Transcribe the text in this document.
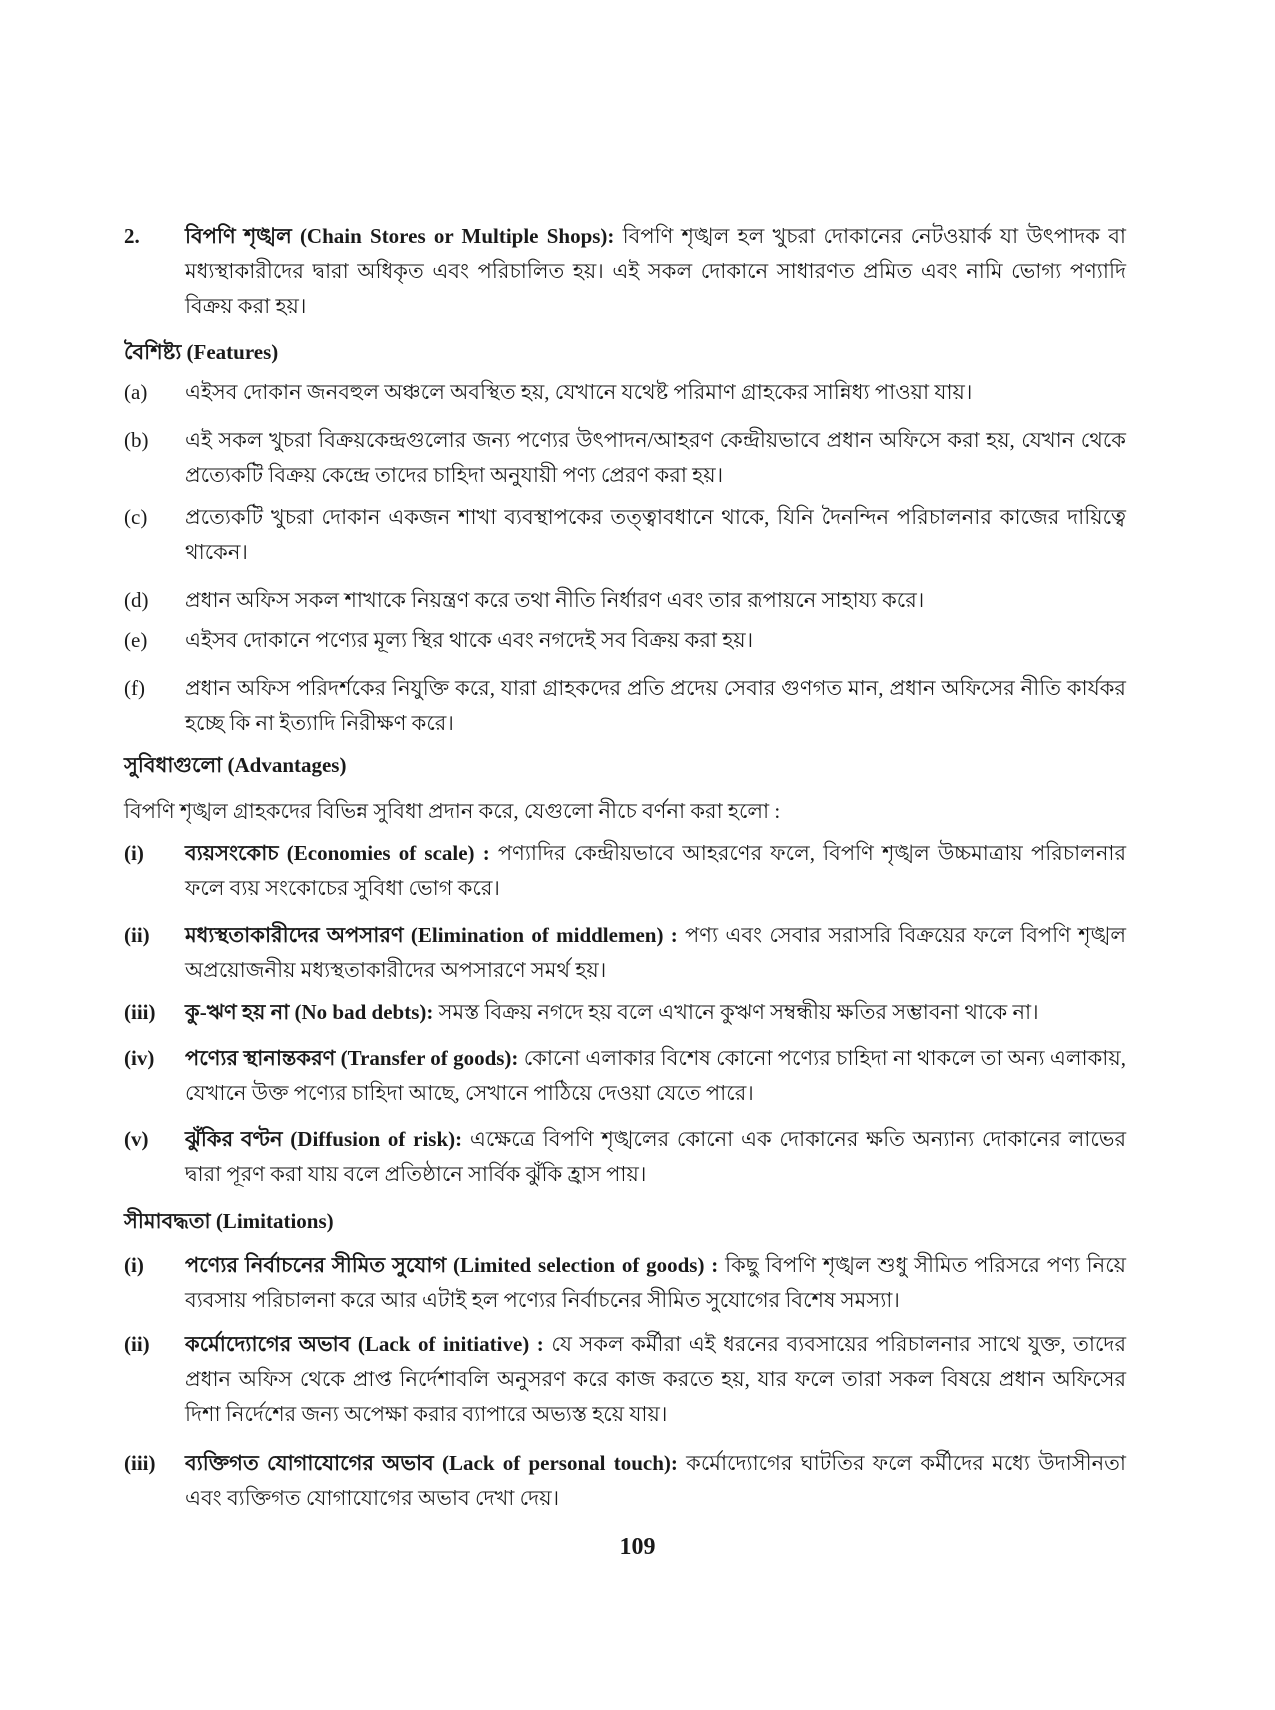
2.	বিপণি শৃঙ্খল (Chain Stores or Multiple Shops): বিপণি শৃঙ্খল হল খুচরা দোকানের নেটওয়ার্ক যা উৎপাদক বা মধ্যস্থাকারীদের দ্বারা অধিকৃত এবং পরিচালিত হয়। এই সকল দোকানে সাধারণত প্রমিত এবং নামি ভোগ্য পণ্যাদি বিক্রয় করা হয়।
বৈশিষ্ট্য (Features)
(a)	এইসব দোকান জনবহুল অঞ্চলে অবস্থিত হয়, যেখানে যথেষ্ট পরিমাণ গ্রাহকের সান্নিধ্য পাওয়া যায়।
(b)	এই সকল খুচরা বিক্রয়কেন্দ্রগুলোর জন্য পণ্যের উৎপাদন/আহরণ কেন্দ্রীয়ভাবে প্রধান অফিসে করা হয়, যেখান থেকে প্রত্যেকটি বিক্রয় কেন্দ্রে তাদের চাহিদা অনুযায়ী পণ্য প্রেরণ করা হয়।
(c)	প্রত্যেকটি খুচরা দোকান একজন শাখা ব্যবস্থাপকের তত্ত্বাবধানে থাকে, যিনি দৈনন্দিন পরিচালনার কাজের দায়িত্বে থাকেন।
(d)	প্রধান অফিস সকল শাখাকে নিয়ন্ত্রণ করে তথা নীতি নির্ধারণ এবং তার রূপায়নে সাহায্য করে।
(e)	এইসব দোকানে পণ্যের মূল্য স্থির থাকে এবং নগদেই সব বিক্রয় করা হয়।
(f)	প্রধান অফিস পরিদর্শকের নিযুক্তি করে, যারা গ্রাহকদের প্রতি প্রদেয় সেবার গুণগত মান, প্রধান অফিসের নীতি কার্যকর হচ্ছে কি না ইত্যাদি নিরীক্ষণ করে।
সুবিধাগুলো (Advantages)
বিপণি শৃঙ্খল গ্রাহকদের বিভিন্ন সুবিধা প্রদান করে, যেগুলো নীচে বর্ণনা করা হলো :
(i)	ব্যয়সংকোচ (Economies of scale) : পণ্যাদির কেন্দ্রীয়ভাবে আহরণের ফলে, বিপণি শৃঙ্খল উচ্চমাত্রায় পরিচালনার ফলে ব্যয় সংকোচের সুবিধা ভোগ করে।
(ii)	মধ্যস্থতাকারীদের অপসারণ (Elimination of middlemen) : পণ্য এবং সেবার সরাসরি বিক্রয়ের ফলে বিপণি শৃঙ্খল অপ্রয়োজনীয় মধ্যস্থতাকারীদের অপসারণে সমর্থ হয়।
(iii)	কু-ঋণ হয় না (No bad debts): সমস্ত বিক্রয় নগদে হয় বলে এখানে কুঋণ সম্বন্ধীয় ক্ষতির সম্ভাবনা থাকে না।
(iv)	পণ্যের স্থানান্তকরণ (Transfer of goods): কোনো এলাকার বিশেষ কোনো পণ্যের চাহিদা না থাকলে তা অন্য এলাকায়, যেখানে উক্ত পণ্যের চাহিদা আছে, সেখানে পাঠিয়ে দেওয়া যেতে পারে।
(v)	ঝুঁকির বণ্টন (Diffusion of risk): এক্ষেত্রে বিপণি শৃঙ্খলের কোনো এক দোকানের ক্ষতি অন্যান্য দোকানের লাভের দ্বারা পূরণ করা যায় বলে প্রতিষ্ঠানে সার্বিক ঝুঁকি হ্রাস পায়।
সীমাবদ্ধতা (Limitations)
(i)	পণ্যের নির্বাচনের সীমিত সুযোগ (Limited selection of goods) : কিছু বিপণি শৃঙ্খল শুধু সীমিত পরিসরে পণ্য নিয়ে ব্যবসায় পরিচালনা করে আর এটাই হল পণ্যের নির্বাচনের সীমিত সুযোগের বিশেষ সমস্যা।
(ii)	কর্মোদ্যোগের অভাব (Lack of initiative) : যে সকল কর্মীরা এই ধরনের ব্যবসায়ের পরিচালনার সাথে যুক্ত, তাদের প্রধান অফিস থেকে প্রাপ্ত নির্দেশাবলি অনুসরণ করে কাজ করতে হয়, যার ফলে তারা সকল বিষয়ে প্রধান অফিসের দিশা নির্দেশের জন্য অপেক্ষা করার ব্যাপারে অভ্যস্ত হয়ে যায়।
(iii)	ব্যক্তিগত যোগাযোগের অভাব (Lack of personal touch): কর্মোদ্যোগের ঘাটতির ফলে কর্মীদের মধ্যে উদাসীনতা এবং ব্যক্তিগত যোগাযোগের অভাব দেখা দেয়।
109
